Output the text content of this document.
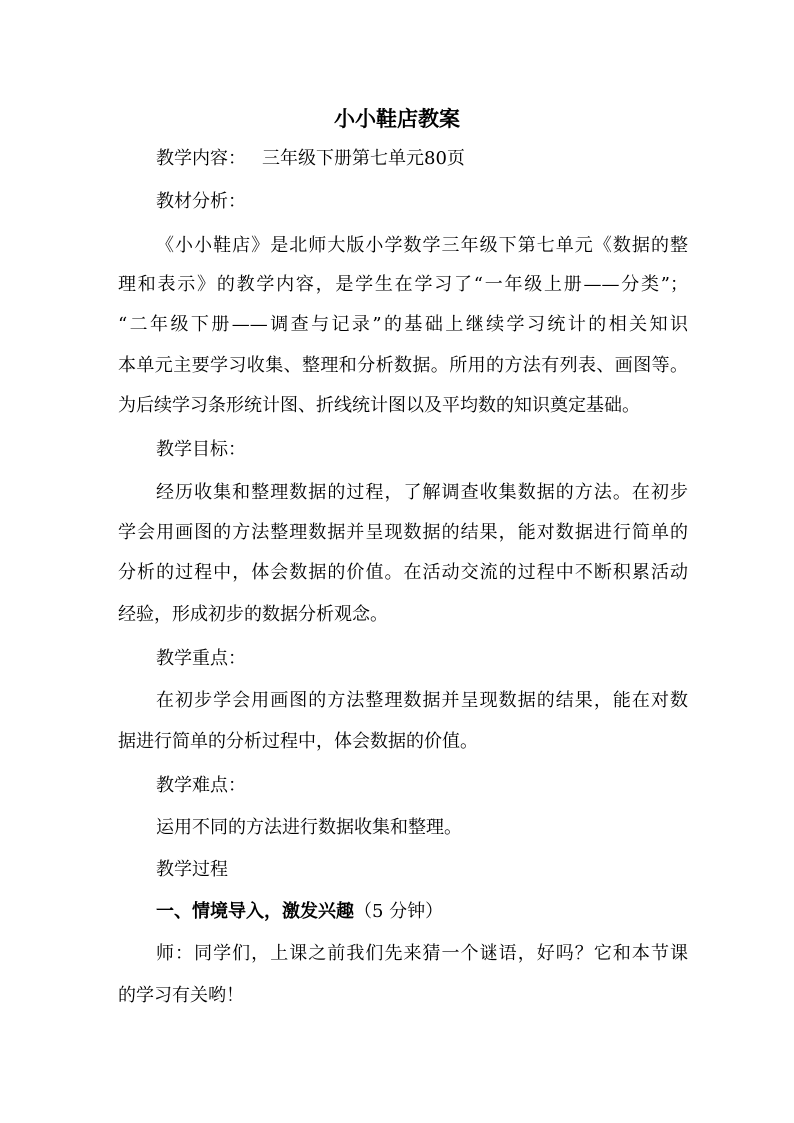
小小鞋店教案
教学内容： 三年级下册第七单元80页
教材分析：
《小小鞋店》是北师大版小学数学三年级下第七单元《数据的整
理和表示》的教学内容，是学生在学习了“一年级上册——分类”；
“二年级下册——调查与记录”的基础上继续学习统计的相关知识
本单元主要学习收集、整理和分析数据。所用的方法有列表、画图等。
为后续学习条形统计图、折线统计图以及平均数的知识奠定基础。
教学目标：
经历收集和整理数据的过程，了解调查收集数据的方法。在初步
学会用画图的方法整理数据并呈现数据的结果，能对数据进行简单的
分析的过程中，体会数据的价值。在活动交流的过程中不断积累活动
经验，形成初步的数据分析观念。
教学重点：
在初步学会用画图的方法整理数据并呈现数据的结果，能在对数
据进行简单的分析过程中，体会数据的价值。
教学难点：
运用不同的方法进行数据收集和整理。
教学过程
一、情境导入，激发兴趣（5 分钟）
师：同学们，上课之前我们先来猜一个谜语，好吗？它和本节课
的学习有关哟！
